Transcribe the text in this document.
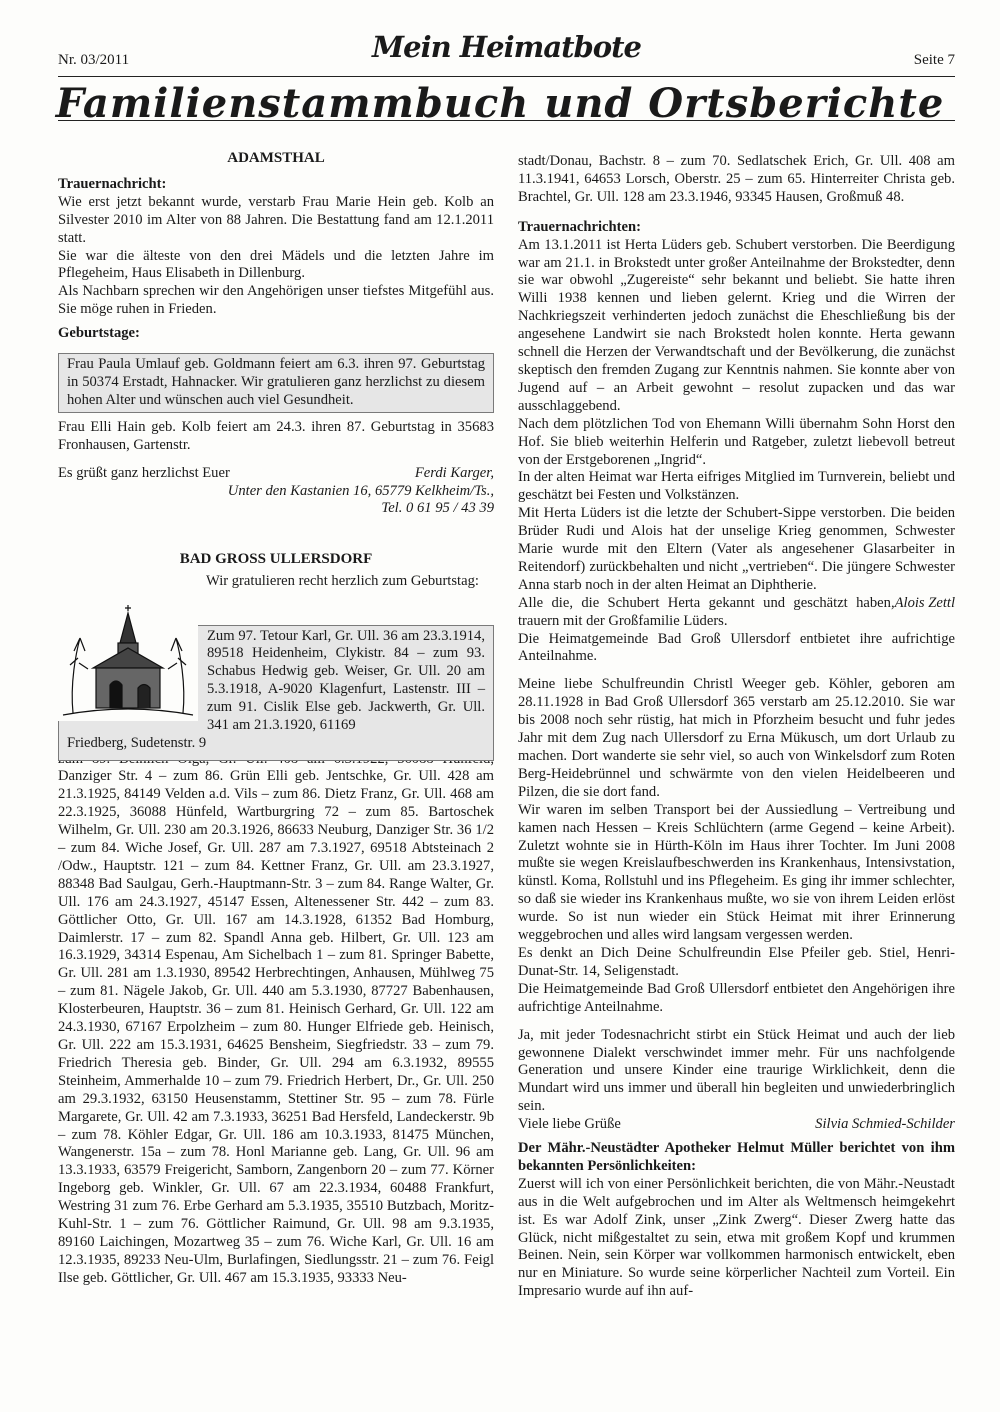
Nr. 03/2011	Mein Heimatbote	Seite 7
Familienstammbuch und Ortsberichte

ADAMSTHAL

Trauernachricht:

Wie erst jetzt bekannt wurde, verstarb Frau Marie Hein geb. Kolb an Silvester 2010 im Alter von 88 Jahren. Die Bestattung fand am 12.1.2011 statt.

Sie war die älteste von den drei Mädels und die letzten Jahre im Pflegeheim, Haus Elisabeth in Dillenburg.

Als Nachbarn sprechen wir den Angehörigen unser tiefstes Mitgefühl aus. Sie möge ruhen in Frieden.

Geburtstage:

Frau Paula Umlauf geb. Goldmann feiert am 6.3. ihren 97. Geburtstag in 50374 Erstadt, Hahnacker. Wir gratulieren ganz herzlichst zu diesem hohen Alter und wünschen auch viel Gesundheit.

Frau Elli Hain geb. Kolb feiert am 24.3. ihren 87. Geburtstag in 35683 Fronhausen, Gartenstr.

Es grüßt ganz herzlichst Euer	Ferdi Karger,
Unter den Kastanien 16, 65779 Kelkheim/Ts.,
Tel. 0 61 95 / 43 39

BAD GROSS ULLERSDORF

Wir gratulieren recht herzlich zum Geburtstag:
Zum 97. Tetour Karl, Gr. Ull. 36 am 23.3.1914, 89518 Heidenheim, Clykistr. 84 – zum 93. Schabus Hedwig geb. Weiser, Gr. Ull. 20 am 5.3.1918, A-9020 Klagenfurt, Lastenstr. III – zum 91. Cislik Else geb. Jackwerth, Gr. Ull. 341 am 21.3.1920, 61169
Friedberg, Sudetenstr. 9

Danziger Str. 4 – zum 86. Grün Elli geb. Jentschke, Gr. Ull. 428 am 21.3.1925, 84149 Velden a.d. Vils – zum 86. Dietz Franz, Gr. Ull. 468 am 22.3.1925, 36088 Hünfeld, Wartburgring 72 – zum 85. Bartoschek Wilhelm, Gr. Ull. 230 am 20.3.1926, 86633 Neuburg, Danziger Str. 36 1/2 – zum 84. Wiche Josef, Gr. Ull. 287 am 7.3.1927, 69518 Abtsteinach 2 /Odw., Hauptstr. 121 – zum 84. Kettner Franz, Gr. Ull. am 23.3.1927, 88348 Bad Saulgau, Gerh.-Hauptmann-Str. 3 – zum 84. Range Walter, Gr. Ull. 176 am 24.3.1927, 45147 Essen, Altenessener Str. 442 – zum 83. Göttlicher Otto, Gr. Ull. 167 am 14.3.1928, 61352 Bad Homburg, Daimlerstr. 17 – zum 82. Spandl Anna geb. Hilbert, Gr. Ull. 123 am 16.3.1929, 34314 Espenau, Am Sichelbach 1 – zum 81. Springer Babette, Gr. Ull. 281 am 1.3.1930, 89542 Herbrechtingen, Anhausen, Mühlweg 75 – zum 81. Nägele Jakob, Gr. Ull. 440 am 5.3.1930, 87727 Babenhausen, Klosterbeuren, Hauptstr. 36 – zum 81. Heinisch Gerhard, Gr. Ull. 122 am 24.3.1930, 67167 Erpolzheim – zum 80. Hunger Elfriede geb. Heinisch, Gr. Ull. 222 am 15.3.1931, 64625 Bensheim, Siegfriedstr. 33 – zum 79. Friedrich Theresia geb. Binder, Gr. Ull. 294 am 6.3.1932, 89555 Steinheim, Ammerhalde 10 – zum 79. Friedrich Herbert, Dr., Gr. Ull. 250 am 29.3.1932, 63150 Heusenstamm, Stettiner Str. 95 – zum 78. Fürle Margarete, Gr. Ull. 42 am 7.3.1933, 36251 Bad Hersfeld, Landeckerstr. 9b – zum 78. Köhler Edgar, Gr. Ull. 186 am 10.3.1933, 81475 München, Wangenerstr. 15a – zum 78. Honl Marianne geb. Lang, Gr. Ull. 96 am 13.3.1933, 63579 Freigericht, Samborn, Zangenborn 20 – zum 77. Körner Ingeborg geb. Winkler, Gr. Ull. 67 am 22.3.1934, 60488 Frankfurt, Westring 31 zum 76. Erbe Gerhard am 5.3.1935, 35510 Butzbach, Moritz-Kuhl-Str. 1 – zum 76. Göttlicher Raimund, Gr. Ull. 98 am 9.3.1935, 89160 Laichingen, Mozartweg 35 – zum 76. Wiche Karl, Gr. Ull. 16 am 12.3.1935, 89233 Neu-Ulm, Burlafingen, Siedlungsstr. 21 – zum 76. Feigl Ilse geb. Göttlicher, Gr. Ull. 467 am 15.3.1935, 93333 Neu-

stadt/Donau, Bachstr. 8 – zum 70. Sedlatschek Erich, Gr. Ull. 408 am 11.3.1941, 64653 Lorsch, Oberstr. 25 – zum 65. Hinterreiter Christa geb. Brachtel, Gr. Ull. 128 am 23.3.1946, 93345 Hausen, Großmuß 48.

Trauernachrichten:

Am 13.1.2011 ist Herta Lüders geb. Schubert verstorben. Die Beerdigung war am 21.1. in Brokstedt unter großer Anteilnahme der Brokstedter, denn sie war obwohl „Zugereiste“ sehr bekannt und beliebt. Sie hatte ihren Willi 1938 kennen und lieben gelernt. Krieg und die Wirren der Nachkriegszeit verhinderten jedoch zunächst die Eheschließung bis der angesehene Landwirt sie nach Brokstedt holen konnte. Herta gewann schnell die Herzen der Verwandtschaft und der Bevölkerung, die zunächst skeptisch den fremden Zugang zur Kenntnis nahmen. Sie konnte aber von Jugend auf – an Arbeit gewohnt – resolut zupacken und das war ausschlaggebend.

Nach dem plötzlichen Tod von Ehemann Willi übernahm Sohn Horst den Hof. Sie blieb weiterhin Helferin und Ratgeber, zuletzt liebevoll betreut von der Erstgeborenen „Ingrid“.

In der alten Heimat war Herta eifriges Mitglied im Turnverein, beliebt und geschätzt bei Festen und Volkstänzen.

Mit Herta Lüders ist die letzte der Schubert-Sippe verstorben. Die beiden Brüder Rudi und Alois hat der unselige Krieg genommen, Schwester Marie wurde mit den Eltern (Vater als angesehener Glasarbeiter in Reitendorf) zurückbehalten und nicht „vertrieben“. Die jüngere Schwester Anna starb noch in der alten Heimat an Diphtherie.

Alois Zettl
Alle die, die Schubert Herta gekannt und geschätzt haben, trauern mit der Großfamilie Lüders.

Die Heimatgemeinde Bad Groß Ullersdorf entbietet ihre aufrichtige Anteilnahme.

Meine liebe Schulfreundin Christl Weeger geb. Köhler, geboren am 28.11.1928 in Bad Groß Ullersdorf 365 verstarb am 25.12.2010. Sie war bis 2008 noch sehr rüstig, hat mich in Pforzheim besucht und fuhr jedes Jahr mit dem Zug nach Ullersdorf zu Erna Mükusch, um dort Urlaub zu machen. Dort wanderte sie sehr viel, so auch von Winkelsdorf zum Roten Berg-Heidebrünnel und schwärmte von den vielen Heidelbeeren und Pilzen, die sie dort fand.

Wir waren im selben Transport bei der Aussiedlung – Vertreibung und kamen nach Hessen – Kreis Schlüchtern (arme Gegend – keine Arbeit). Zuletzt wohnte sie in Hürth-Köln im Haus ihrer Tochter. Im Juni 2008 mußte sie wegen Kreislaufbeschwerden ins Krankenhaus, Intensivstation, künstl. Koma, Rollstuhl und ins Pflegeheim. Es ging ihr immer schlechter, so daß sie wieder ins Krankenhaus mußte, wo sie von ihrem Leiden erlöst wurde. So ist nun wieder ein Stück Heimat mit ihrer Erinnerung weggebrochen und alles wird langsam vergessen werden.

Es denkt an Dich Deine Schulfreundin Else Pfeiler geb. Stiel, Henri-Dunat-Str. 14, Seligenstadt.

Die Heimatgemeinde Bad Groß Ullersdorf entbietet den Angehörigen ihre aufrichtige Anteilnahme.

Ja, mit jeder Todesnachricht stirbt ein Stück Heimat und auch der lieb gewonnene Dialekt verschwindet immer mehr. Für uns nachfolgende Generation und unsere Kinder eine traurige Wirklichkeit, denn die Mundart wird uns immer und überall hin begleiten und unwiederbringlich sein.

Silvia Schmied-Schilder
Viele liebe Grüße

Der Mähr.-Neustädter Apotheker Helmut Müller berichtet von ihm bekannten Persönlichkeiten:

Zuerst will ich von einer Persönlichkeit berichten, die von Mähr.-Neustadt aus in die Welt aufgebrochen und im Alter als Weltmensch heimgekehrt ist. Es war Adolf Zink, unser „Zink Zwerg“. Dieser Zwerg hatte das Glück, nicht mißgestaltet zu sein, etwa mit großem Kopf und krummen Beinen. Nein, sein Körper war vollkommen harmonisch entwickelt, eben nur en Miniature. So wurde seine körperlicher Nachteil zum Vorteil. Ein Impresario wurde auf ihn auf-
